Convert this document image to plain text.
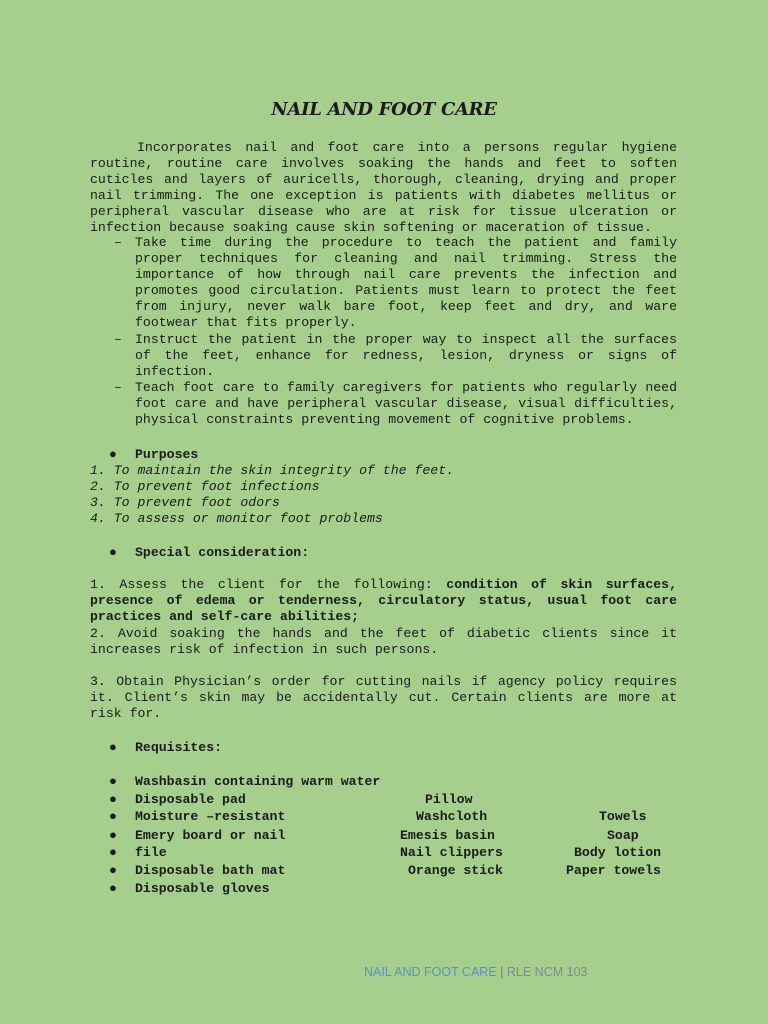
NAIL AND FOOT CARE
Incorporates nail and foot care into a persons regular hygiene routine, routine care involves soaking the hands and feet to soften cuticles and layers of auricells, thorough, cleaning, drying and proper nail trimming. The one exception is patients with diabetes mellitus or peripheral vascular disease who are at risk for tissue ulceration or infection because soaking cause skin softening or maceration of tissue.
– Take time during the procedure to teach the patient and family proper techniques for cleaning and nail trimming. Stress the importance of how through nail care prevents the infection and promotes good circulation. Patients must learn to protect the feet from injury, never walk bare foot, keep feet and dry, and ware footwear that fits properly.
– Instruct the patient in the proper way to inspect all the surfaces of the feet, enhance for redness, lesion, dryness or signs of infection.
– Teach foot care to family caregivers for patients who regularly need foot care and have peripheral vascular disease, visual difficulties, physical constraints preventing movement of cognitive problems.
● Purposes
1. To maintain the skin integrity of the feet.
2. To prevent foot infections
3. To prevent foot odors
4. To assess or monitor foot problems
● Special consideration:
1. Assess the client for the following: condition of skin surfaces, presence of edema or tenderness, circulatory status, usual foot care practices and self-care abilities;
2. Avoid soaking the hands and the feet of diabetic clients since it increases risk of infection in such persons.
3. Obtain Physician’s order for cutting nails if agency policy requires it. Client’s skin may be accidentally cut. Certain clients are more at risk for.
● Requisites:
● Washbasin containing warm water
● Disposable pad	Pillow
● Moisture –resistant	Washcloth	Towels
● Emery board or nail	Emesis basin	Soap
● file	Nail clippers	Body lotion
● Disposable bath mat	Orange stick	Paper towels
● Disposable gloves
NAIL AND FOOT CARE | RLE NCM 103
